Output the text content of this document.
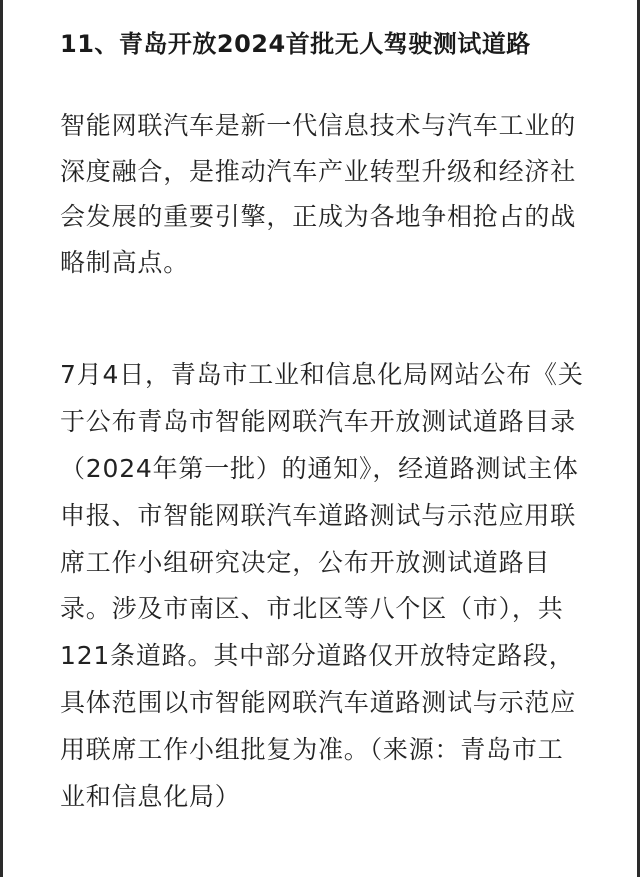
11、青岛开放2024首批无人驾驶测试道路
智能网联汽车是新一代信息技术与汽车工业的
深度融合，是推动汽车产业转型升级和经济社
会发展的重要引擎，正成为各地争相抢占的战
略制高点。
7月4日，青岛市工业和信息化局网站公布《关
于公布青岛市智能网联汽车开放测试道路目录
（2024年第一批）的通知》，经道路测试主体
申报、市智能网联汽车道路测试与示范应用联
席工作小组研究决定，公布开放测试道路目
录。涉及市南区、市北区等八个区（市），共
121条道路。其中部分道路仅开放特定路段，
具体范围以市智能网联汽车道路测试与示范应
用联席工作小组批复为准。（来源：青岛市工
业和信息化局）
